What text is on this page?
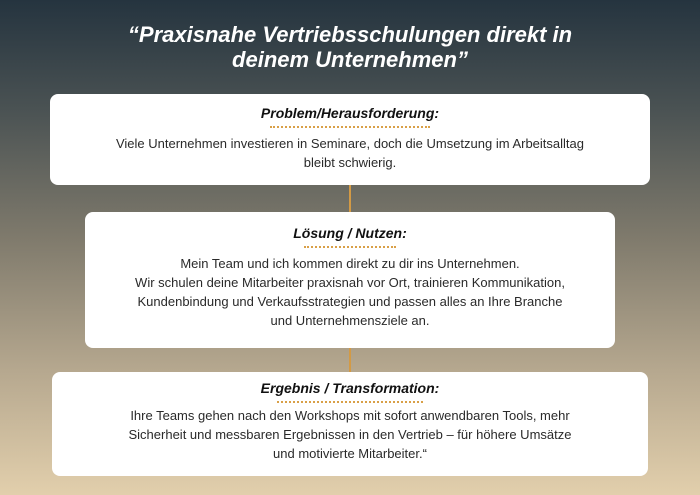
“Praxisnahe Vertriebsschulungen direkt in
deinem Unternehmen”
Problem/Herausforderung:

Viele Unternehmen investieren in Seminare, doch die Umsetzung im Arbeitsalltag
bleibt schwierig.

Lösung / Nutzen:

Mein Team und ich kommen direkt zu dir ins Unternehmen.
Wir schulen deine Mitarbeiter praxisnah vor Ort, trainieren Kommunikation,
Kundenbindung und Verkaufsstrategien und passen alles an Ihre Branche
und Unternehmensziele an.

Ergebnis / Transformation:

Ihre Teams gehen nach den Workshops mit sofort anwendbaren Tools, mehr
Sicherheit und messbaren Ergebnissen in den Vertrieb – für höhere Umsätze
und motivierte Mitarbeiter.“
